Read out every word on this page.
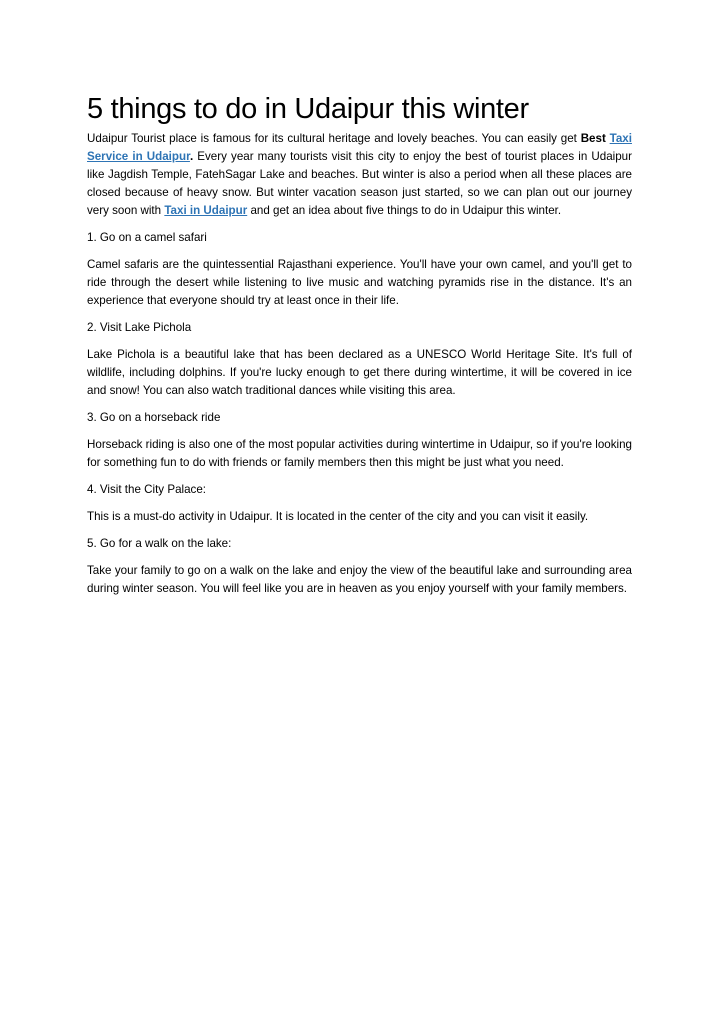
5 things to do in Udaipur this winter

Udaipur Tourist place is famous for its cultural heritage and lovely beaches. You can easily get Best Taxi Service in Udaipur. Every year many tourists visit this city to enjoy the best of tourist places in Udaipur like Jagdish Temple, FatehSagar Lake and beaches. But winter is also a period when all these places are closed because of heavy snow. But winter vacation season just started, so we can plan out our journey very soon with Taxi in Udaipur and get an idea about five things to do in Udaipur this winter.

1. Go on a camel safari

Camel safaris are the quintessential Rajasthani experience. You'll have your own camel, and you'll get to ride through the desert while listening to live music and watching pyramids rise in the distance. It's an experience that everyone should try at least once in their life.

2. Visit Lake Pichola

Lake Pichola is a beautiful lake that has been declared as a UNESCO World Heritage Site. It's full of wildlife, including dolphins. If you're lucky enough to get there during wintertime, it will be covered in ice and snow! You can also watch traditional dances while visiting this area.

3. Go on a horseback ride

Horseback riding is also one of the most popular activities during wintertime in Udaipur, so if you're looking for something fun to do with friends or family members then this might be just what you need.

4. Visit the City Palace:

This is a must-do activity in Udaipur. It is located in the center of the city and you can visit it easily.

5. Go for a walk on the lake:

Take your family to go on a walk on the lake and enjoy the view of the beautiful lake and surrounding area during winter season. You will feel like you are in heaven as you enjoy yourself with your family members.
